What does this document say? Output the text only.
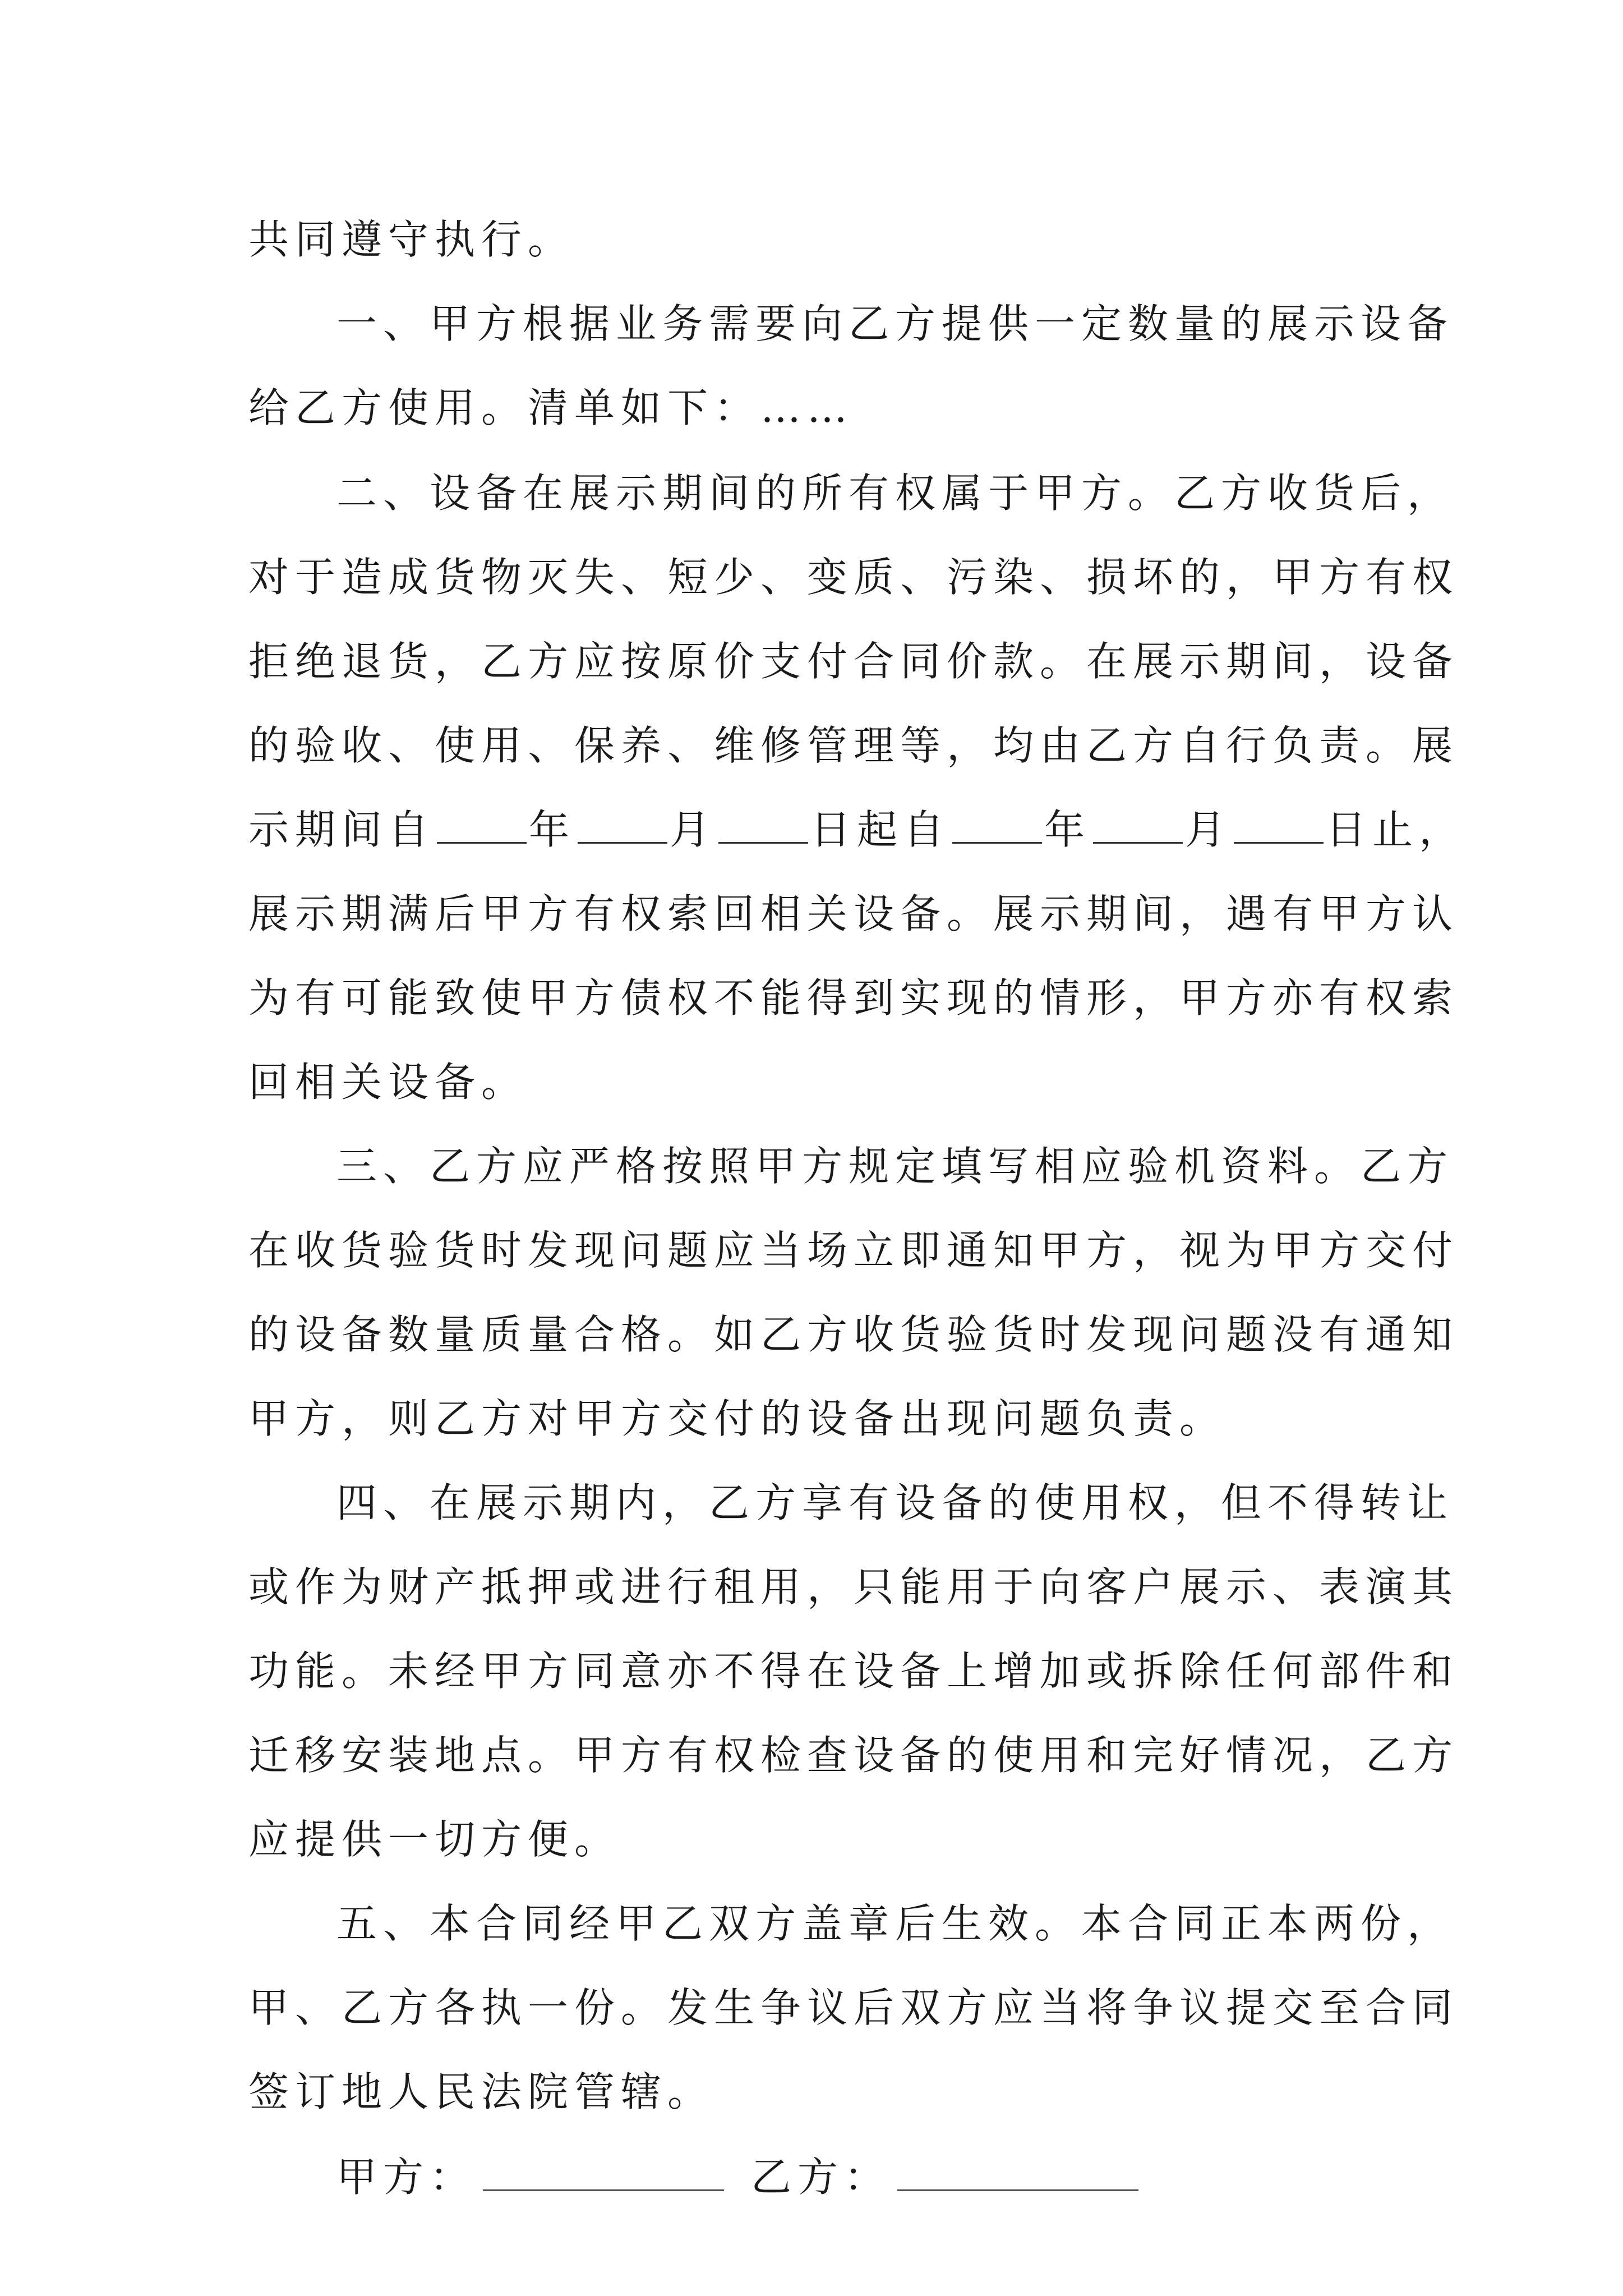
共同遵守执行。
一、甲方根据业务需要向乙方提供一定数量的展示设备
给乙方使用。清单如下：……
二、设备在展示期间的所有权属于甲方。乙方收货后，
对于造成货物灭失、短少、变质、污染、损坏的，甲方有权
拒绝退货，乙方应按原价支付合同价款。在展示期间，设备
的验收、使用、保养、维修管理等，均由乙方自行负责。展
示期间自 年 月 日起自 年 月 日止，
展示期满后甲方有权索回相关设备。展示期间，遇有甲方认
为有可能致使甲方债权不能得到实现的情形，甲方亦有权索
回相关设备。
三、乙方应严格按照甲方规定填写相应验机资料。乙方
在收货验货时发现问题应当场立即通知甲方，视为甲方交付
的设备数量质量合格。如乙方收货验货时发现问题没有通知
甲方，则乙方对甲方交付的设备出现问题负责。
四、在展示期内，乙方享有设备的使用权，但不得转让
或作为财产抵押或进行租用，只能用于向客户展示、表演其
功能。未经甲方同意亦不得在设备上增加或拆除任何部件和
迁移安装地点。甲方有权检查设备的使用和完好情况，乙方
应提供一切方便。
五、本合同经甲乙双方盖章后生效。本合同正本两份，
甲、乙方各执一份。发生争议后双方应当将争议提交至合同
签订地人民法院管辖。
甲方：	乙方：
